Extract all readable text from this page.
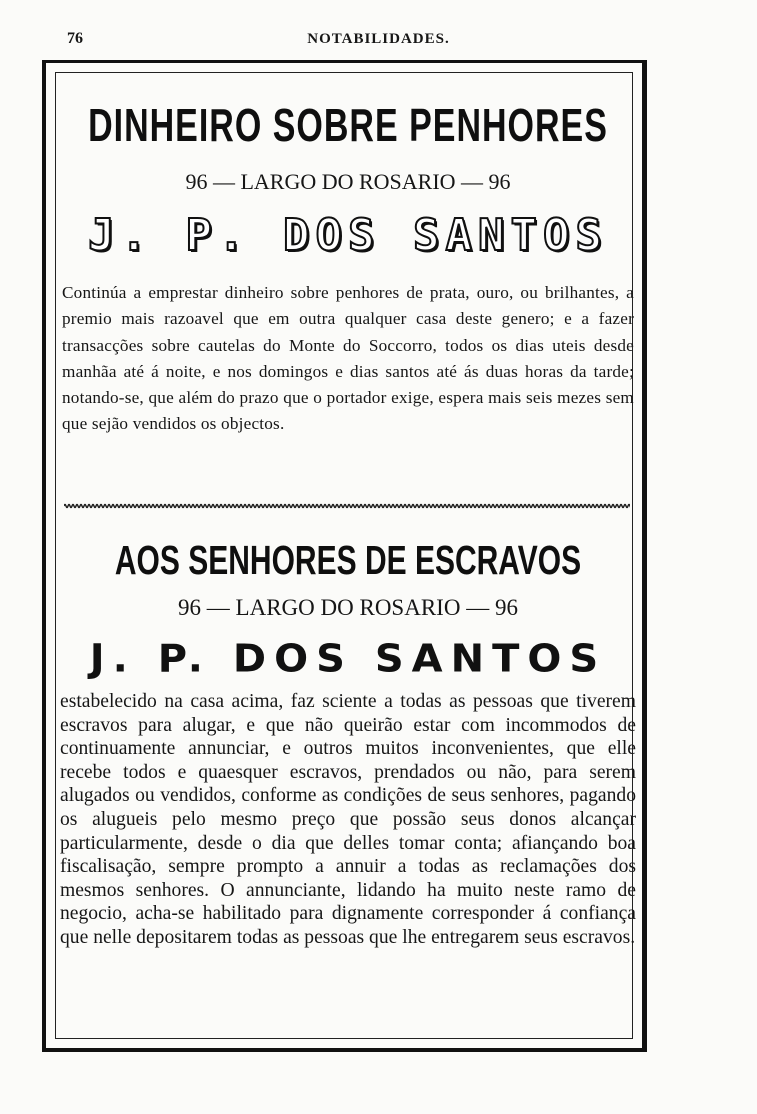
76	NOTABILIDADES.
DINHEIRO SOBRE PENHORES
96 — LARGO DO ROSARIO — 96
J. P. DOS SANTOS

Continúa a emprestar dinheiro sobre penhores de prata, ouro, ou brilhantes, a premio mais razoavel que em outra qualquer casa deste genero; e a fazer transacções sobre cautelas do Monte do Soccorro, todos os dias uteis desde manhãa até á noite, e nos domingos e dias santos até ás duas horas da tarde; notando-se, que além do prazo que o portador exige, espera mais seis mezes sem que sejão vendidos os objectos.

AOS SENHORES DE ESCRAVOS
96 — LARGO DO ROSARIO — 96
J. P. DOS SANTOS

estabelecido na casa acima, faz sciente a todas as pessoas que tiverem escravos para alugar, e que não queirão estar com incommodos de continuamente annunciar, e outros muitos inconvenientes, que elle recebe todos e quaesquer escravos, prendados ou não, para serem alugados ou vendidos, conforme as condições de seus senhores, pagando os alugueis pelo mesmo preço que possão seus donos alcançar particularmente, desde o dia que delles tomar conta; afiançando boa fiscalisação, sempre prompto a annuir a todas as reclamações dos mesmos senhores. O annunciante, lidando ha muito neste ramo de negocio, acha-se habilitado para dignamente corresponder á confiança que nelle depositarem todas as pessoas que lhe entregarem seus escravos.
